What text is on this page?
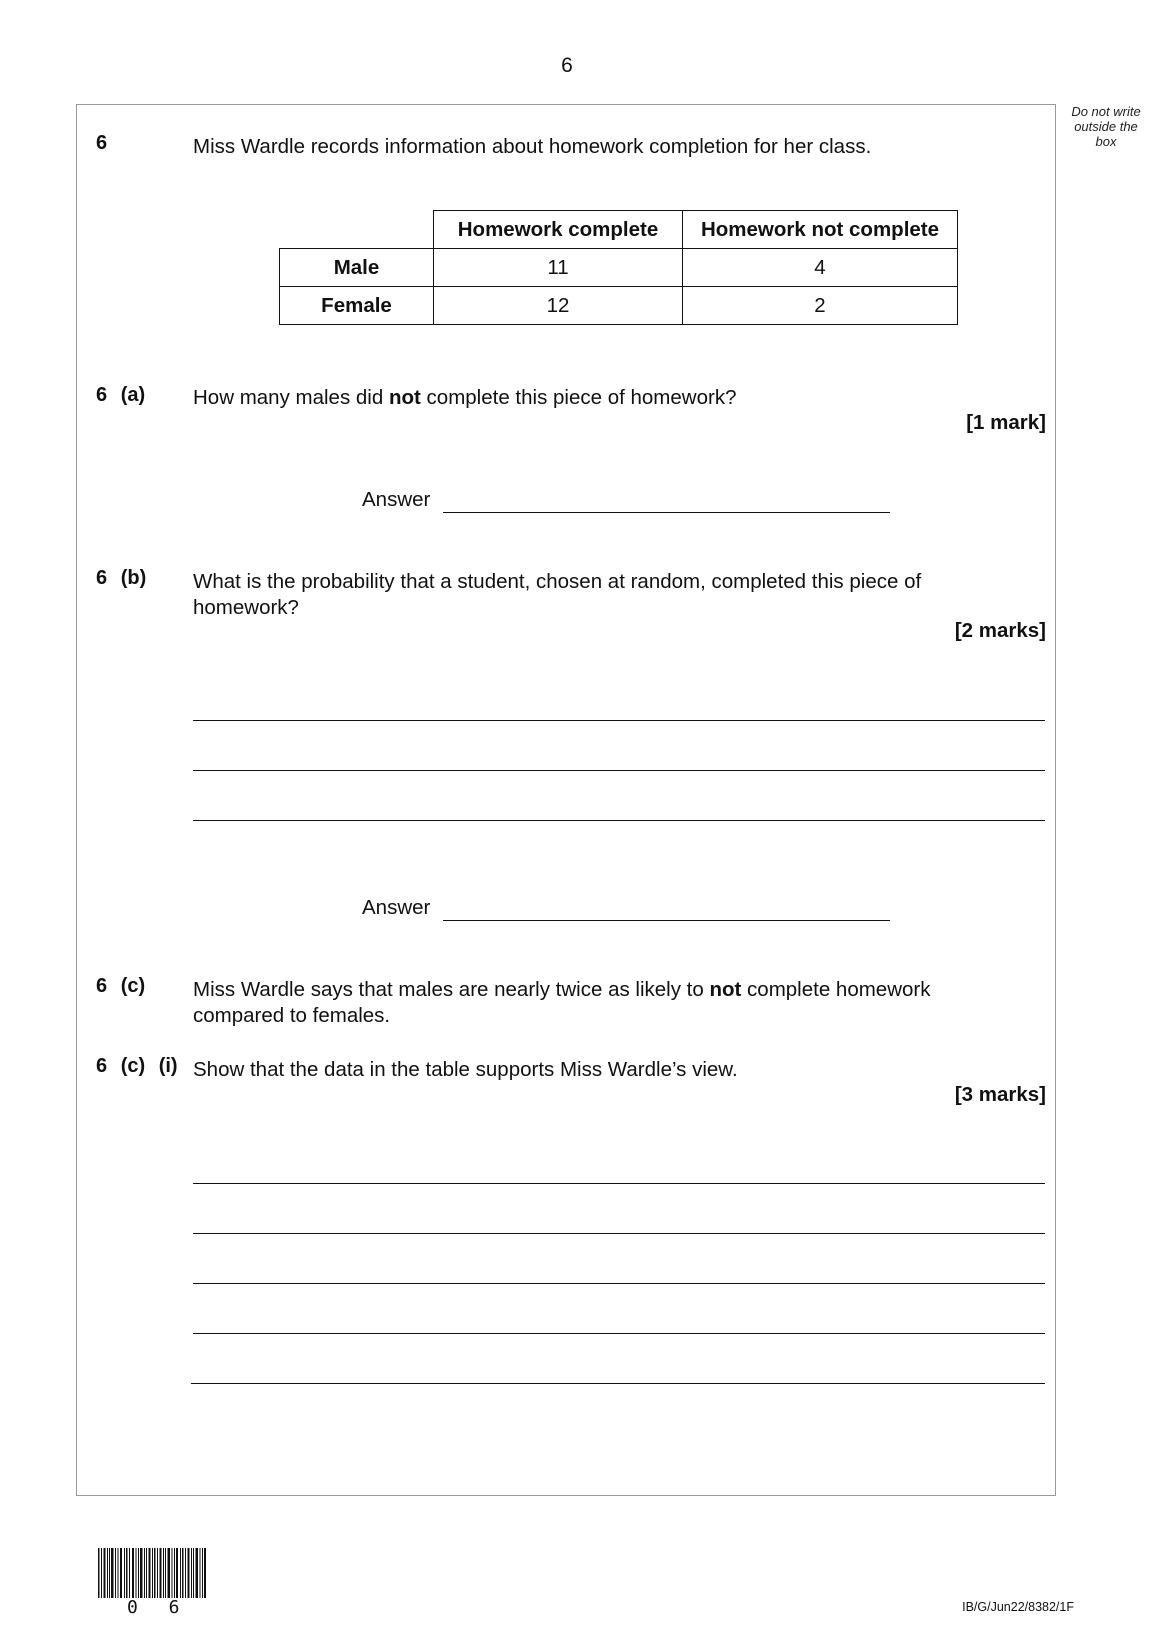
6
Do not write outside the box
6	Miss Wardle records information about homework completion for her class.
	Homework complete	Homework not complete
Male	11	4
Female	12	2
6 (a) How many males did not complete this piece of homework?
[1 mark]
Answer
6 (b) What is the probability that a student, chosen at random, completed this piece of homework?
[2 marks]
Answer
6 (c) Miss Wardle says that males are nearly twice as likely to not complete homework compared to females.
6 (c) (i) Show that the data in the table supports Miss Wardle’s view.
[3 marks]
0 6	IB/G/Jun22/8382/1F
